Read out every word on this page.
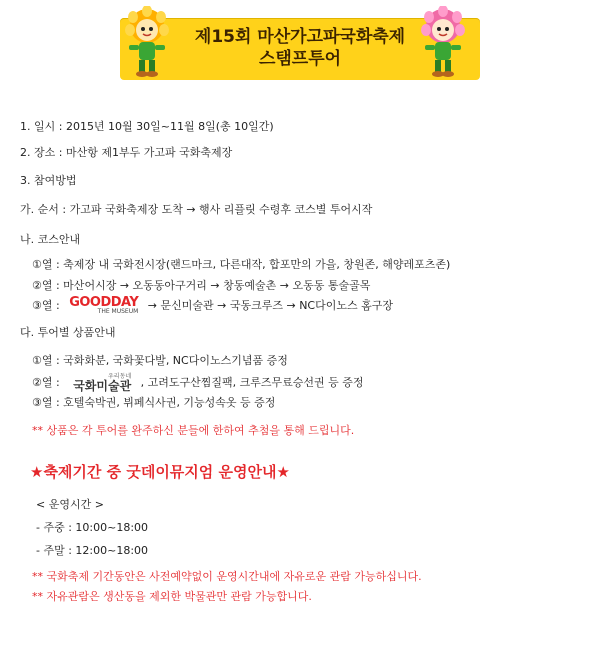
제15회 마산가고파국화축제
스탬프투어
1. 일시 : 2015년 10월 30일~11월 8일(총 10일간)
2. 장소 : 마산항 제1부두 가고파 국화축제장
3. 참여방법
가. 순서 : 가고파 국화축제장 도착 → 행사 리플릿 수령후 코스별 투어시작
나. 코스안내
①열 : 축제장 내 국화전시장(랜드마크, 다른대작, 합포만의 가을, 창원존, 해양레포츠존)
②열 : 마산어시장 → 오동동아구거리 → 창동예술촌 → 오동동 통술골목
③열 : GOODDAY
THE MUSEUM → 문신미술관 → 국동크루즈 → NC다이노스 홈구장
다. 투어별 상품안내
①열 : 국화화분, 국화꽃다발, NC다이노스기념품 증정
②열 :	우리동네
국화미술관 , 고려도구산찜질팩, 크루즈무료승선권 등 증정
③열 : 호텔숙박권, 뷔페식사권, 기능성속옷 등 증정
** 상품은 각 투어를 완주하신 분들에 한하여 추첨을 통해 드립니다.
★축제기간 중 굿데이뮤지엄 운영안내★
< 운영시간 >
- 주중 : 10:00~18:00
- 주말 : 12:00~18:00
** 국화축제 기간동안은 사전예약없이 운영시간내에 자유로운 관람 가능하십니다.
** 자유관람은 생산동을 제외한 박물관만 관람 가능합니다.
